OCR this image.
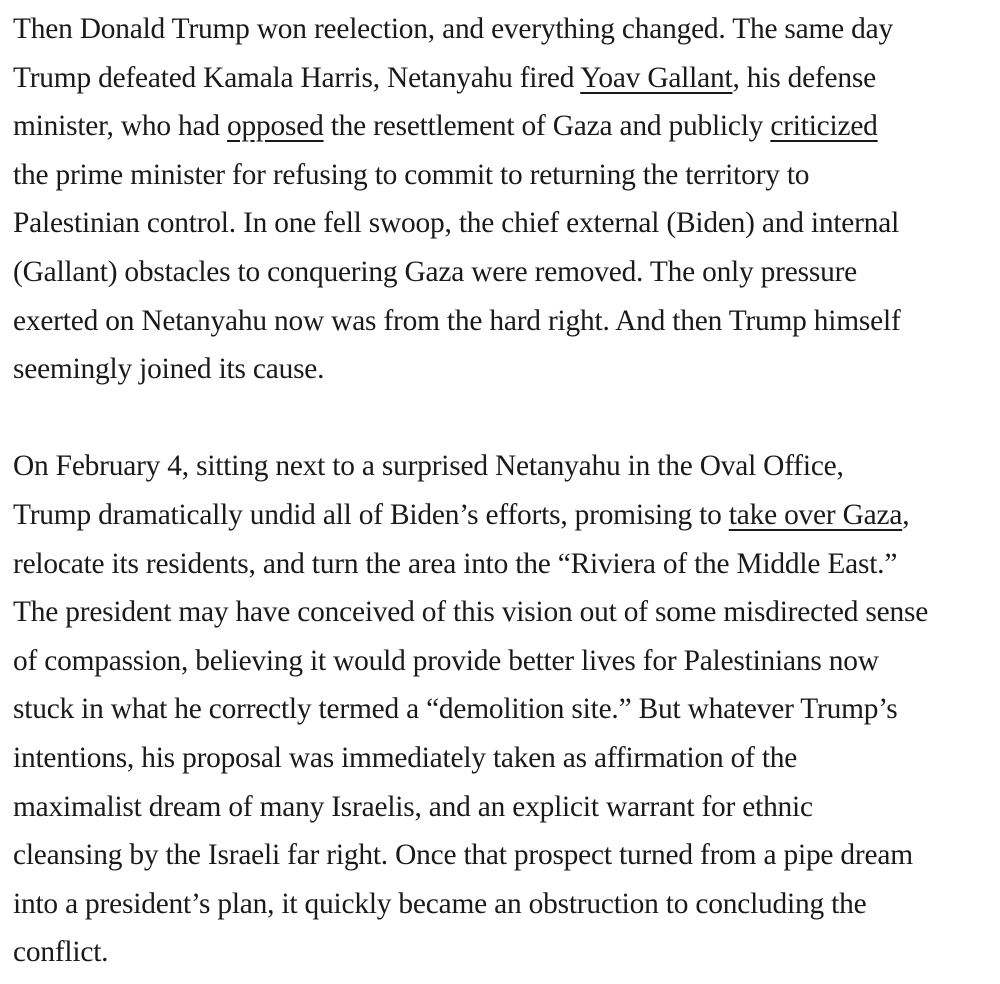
Then Donald Trump won reelection, and everything changed. The same day
Trump defeated Kamala Harris, Netanyahu fired Yoav Gallant, his defense
minister, who had opposed the resettlement of Gaza and publicly criticized
the prime minister for refusing to commit to returning the territory to
Palestinian control. In one fell swoop, the chief external (Biden) and internal
(Gallant) obstacles to conquering Gaza were removed. The only pressure
exerted on Netanyahu now was from the hard right. And then Trump himself
seemingly joined its cause.
On February 4, sitting next to a surprised Netanyahu in the Oval Office,
Trump dramatically undid all of Biden’s efforts, promising to take over Gaza,
relocate its residents, and turn the area into the “Riviera of the Middle East.”
The president may have conceived of this vision out of some misdirected sense
of compassion, believing it would provide better lives for Palestinians now
stuck in what he correctly termed a “demolition site.” But whatever Trump’s
intentions, his proposal was immediately taken as affirmation of the
maximalist dream of many Israelis, and an explicit warrant for ethnic
cleansing by the Israeli far right. Once that prospect turned from a pipe dream
into a president’s plan, it quickly became an obstruction to concluding the
conflict.
